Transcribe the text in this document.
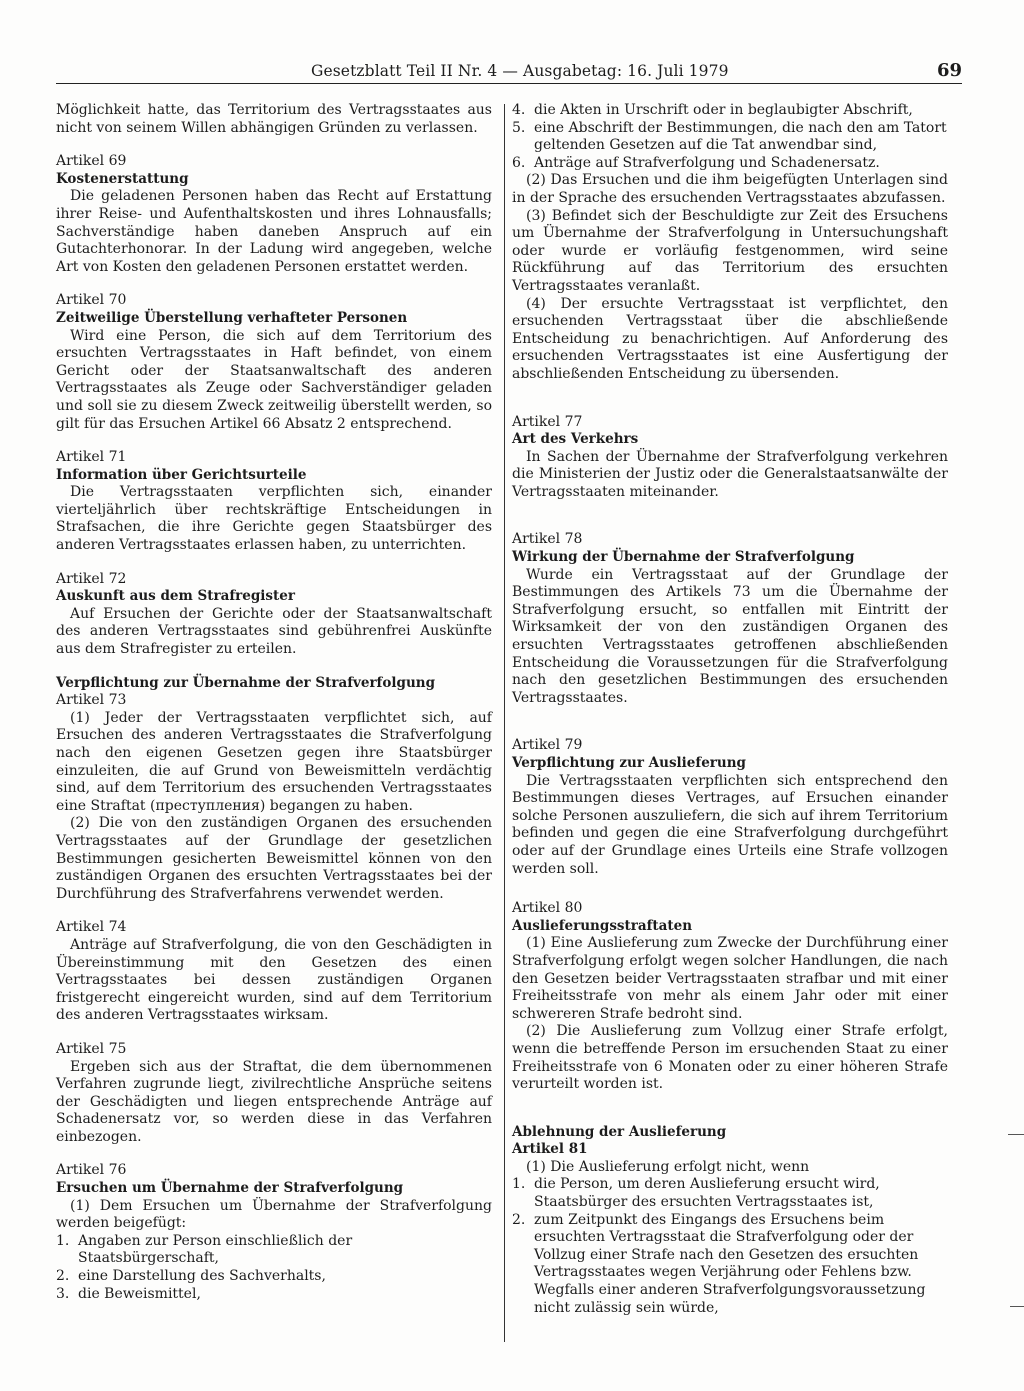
Gesetzblatt Teil II Nr. 4 — Ausgabetag: 16. Juli 1979	69

Möglichkeit hatte, das Territorium des Vertragsstaates aus nicht von seinem Willen abhängigen Gründen zu verlassen.

Artikel 69

Kostenerstattung

Die geladenen Personen haben das Recht auf Erstattung ihrer Reise- und Aufenthaltskosten und ihres Lohnausfalls; Sachverständige haben daneben Anspruch auf ein Gutachterhonorar. In der Ladung wird angegeben, welche Art von Kosten den geladenen Personen erstattet werden.

Artikel 70

Zeitweilige Überstellung verhafteter Personen

Wird eine Person, die sich auf dem Territorium des ersuchten Vertragsstaates in Haft befindet, von einem Gericht oder der Staatsanwaltschaft des anderen Vertragsstaates als Zeuge oder Sachverständiger geladen und soll sie zu diesem Zweck zeitweilig überstellt werden, so gilt für das Ersuchen Artikel 66 Absatz 2 entsprechend.

Artikel 71

Information über Gerichtsurteile

Die Vertragsstaaten verpflichten sich, einander vierteljährlich über rechtskräftige Entscheidungen in Strafsachen, die ihre Gerichte gegen Staatsbürger des anderen Vertragsstaates erlassen haben, zu unterrichten.

Artikel 72

Auskunft aus dem Strafregister

Auf Ersuchen der Gerichte oder der Staatsanwaltschaft des anderen Vertragsstaates sind gebührenfrei Auskünfte aus dem Strafregister zu erteilen.

Verpflichtung zur Übernahme der Strafverfolgung

Artikel 73

(1) Jeder der Vertragsstaaten verpflichtet sich, auf Ersuchen des anderen Vertragsstaates die Strafverfolgung nach den eigenen Gesetzen gegen ihre Staatsbürger einzuleiten, die auf Grund von Beweismitteln verdächtig sind, auf dem Territorium des ersuchenden Vertragsstaates eine Straftat (преступления) begangen zu haben.

(2) Die von den zuständigen Organen des ersuchenden Vertragsstaates auf der Grundlage der gesetzlichen Bestimmungen gesicherten Beweismittel können von den zuständigen Organen des ersuchten Vertragsstaates bei der Durchführung des Strafverfahrens verwendet werden.

Artikel 74

Anträge auf Strafverfolgung, die von den Geschädigten in Übereinstimmung mit den Gesetzen des einen Vertragsstaates bei dessen zuständigen Organen fristgerecht eingereicht wurden, sind auf dem Territorium des anderen Vertragsstaates wirksam.

Artikel 75

Ergeben sich aus der Straftat, die dem übernommenen Verfahren zugrunde liegt, zivilrechtliche Ansprüche seitens der Geschädigten und liegen entsprechende Anträge auf Schadenersatz vor, so werden diese in das Verfahren einbezogen.

Artikel 76

Ersuchen um Übernahme der Strafverfolgung

(1) Dem Ersuchen um Übernahme der Strafverfolgung werden beigefügt:

1. Angaben zur Person einschließlich der Staatsbürgerschaft,
2. eine Darstellung des Sachverhalts,
3. die Beweismittel,
4. die Akten in Urschrift oder in beglaubigter Abschrift,
5. eine Abschrift der Bestimmungen, die nach den am Tatort geltenden Gesetzen auf die Tat anwendbar sind,
6. Anträge auf Strafverfolgung und Schadenersatz.

(2) Das Ersuchen und die ihm beigefügten Unterlagen sind in der Sprache des ersuchenden Vertragsstaates abzufassen.

(3) Befindet sich der Beschuldigte zur Zeit des Ersuchens um Übernahme der Strafverfolgung in Untersuchungshaft oder wurde er vorläufig festgenommen, wird seine Rückführung auf das Territorium des ersuchten Vertragsstaates veranlaßt.

(4) Der ersuchte Vertragsstaat ist verpflichtet, den ersuchenden Vertragsstaat über die abschließende Entscheidung zu benachrichtigen. Auf Anforderung des ersuchenden Vertragsstaates ist eine Ausfertigung der abschließenden Entscheidung zu übersenden.

Artikel 77

Art des Verkehrs

In Sachen der Übernahme der Strafverfolgung verkehren die Ministerien der Justiz oder die Generalstaatsanwälte der Vertragsstaaten miteinander.

Artikel 78

Wirkung der Übernahme der Strafverfolgung

Wurde ein Vertragsstaat auf der Grundlage der Bestimmungen des Artikels 73 um die Übernahme der Strafverfolgung ersucht, so entfallen mit Eintritt der Wirksamkeit der von den zuständigen Organen des ersuchten Vertragsstaates getroffenen abschließenden Entscheidung die Voraussetzungen für die Strafverfolgung nach den gesetzlichen Bestimmungen des ersuchenden Vertragsstaates.

Artikel 79

Verpflichtung zur Auslieferung

Die Vertragsstaaten verpflichten sich entsprechend den Bestimmungen dieses Vertrages, auf Ersuchen einander solche Personen auszuliefern, die sich auf ihrem Territorium befinden und gegen die eine Strafverfolgung durchgeführt oder auf der Grundlage eines Urteils eine Strafe vollzogen werden soll.

Artikel 80

Auslieferungsstraftaten

(1) Eine Auslieferung zum Zwecke der Durchführung einer Strafverfolgung erfolgt wegen solcher Handlungen, die nach den Gesetzen beider Vertragsstaaten strafbar und mit einer Freiheitsstrafe von mehr als einem Jahr oder mit einer schwereren Strafe bedroht sind.

(2) Die Auslieferung zum Vollzug einer Strafe erfolgt, wenn die betreffende Person im ersuchenden Staat zu einer Freiheitsstrafe von 6 Monaten oder zu einer höheren Strafe verurteilt worden ist.

Ablehnung der Auslieferung

Artikel 81

(1) Die Auslieferung erfolgt nicht, wenn

1. die Person, um deren Auslieferung ersucht wird, Staatsbürger des ersuchten Vertragsstaates ist,
2. zum Zeitpunkt des Eingangs des Ersuchens beim ersuchten Vertragsstaat die Strafverfolgung oder der Vollzug einer Strafe nach den Gesetzen des ersuchten Vertragsstaates wegen Verjährung oder Fehlens bzw. Wegfalls einer anderen Strafverfolgungsvoraussetzung nicht zulässig sein würde,
